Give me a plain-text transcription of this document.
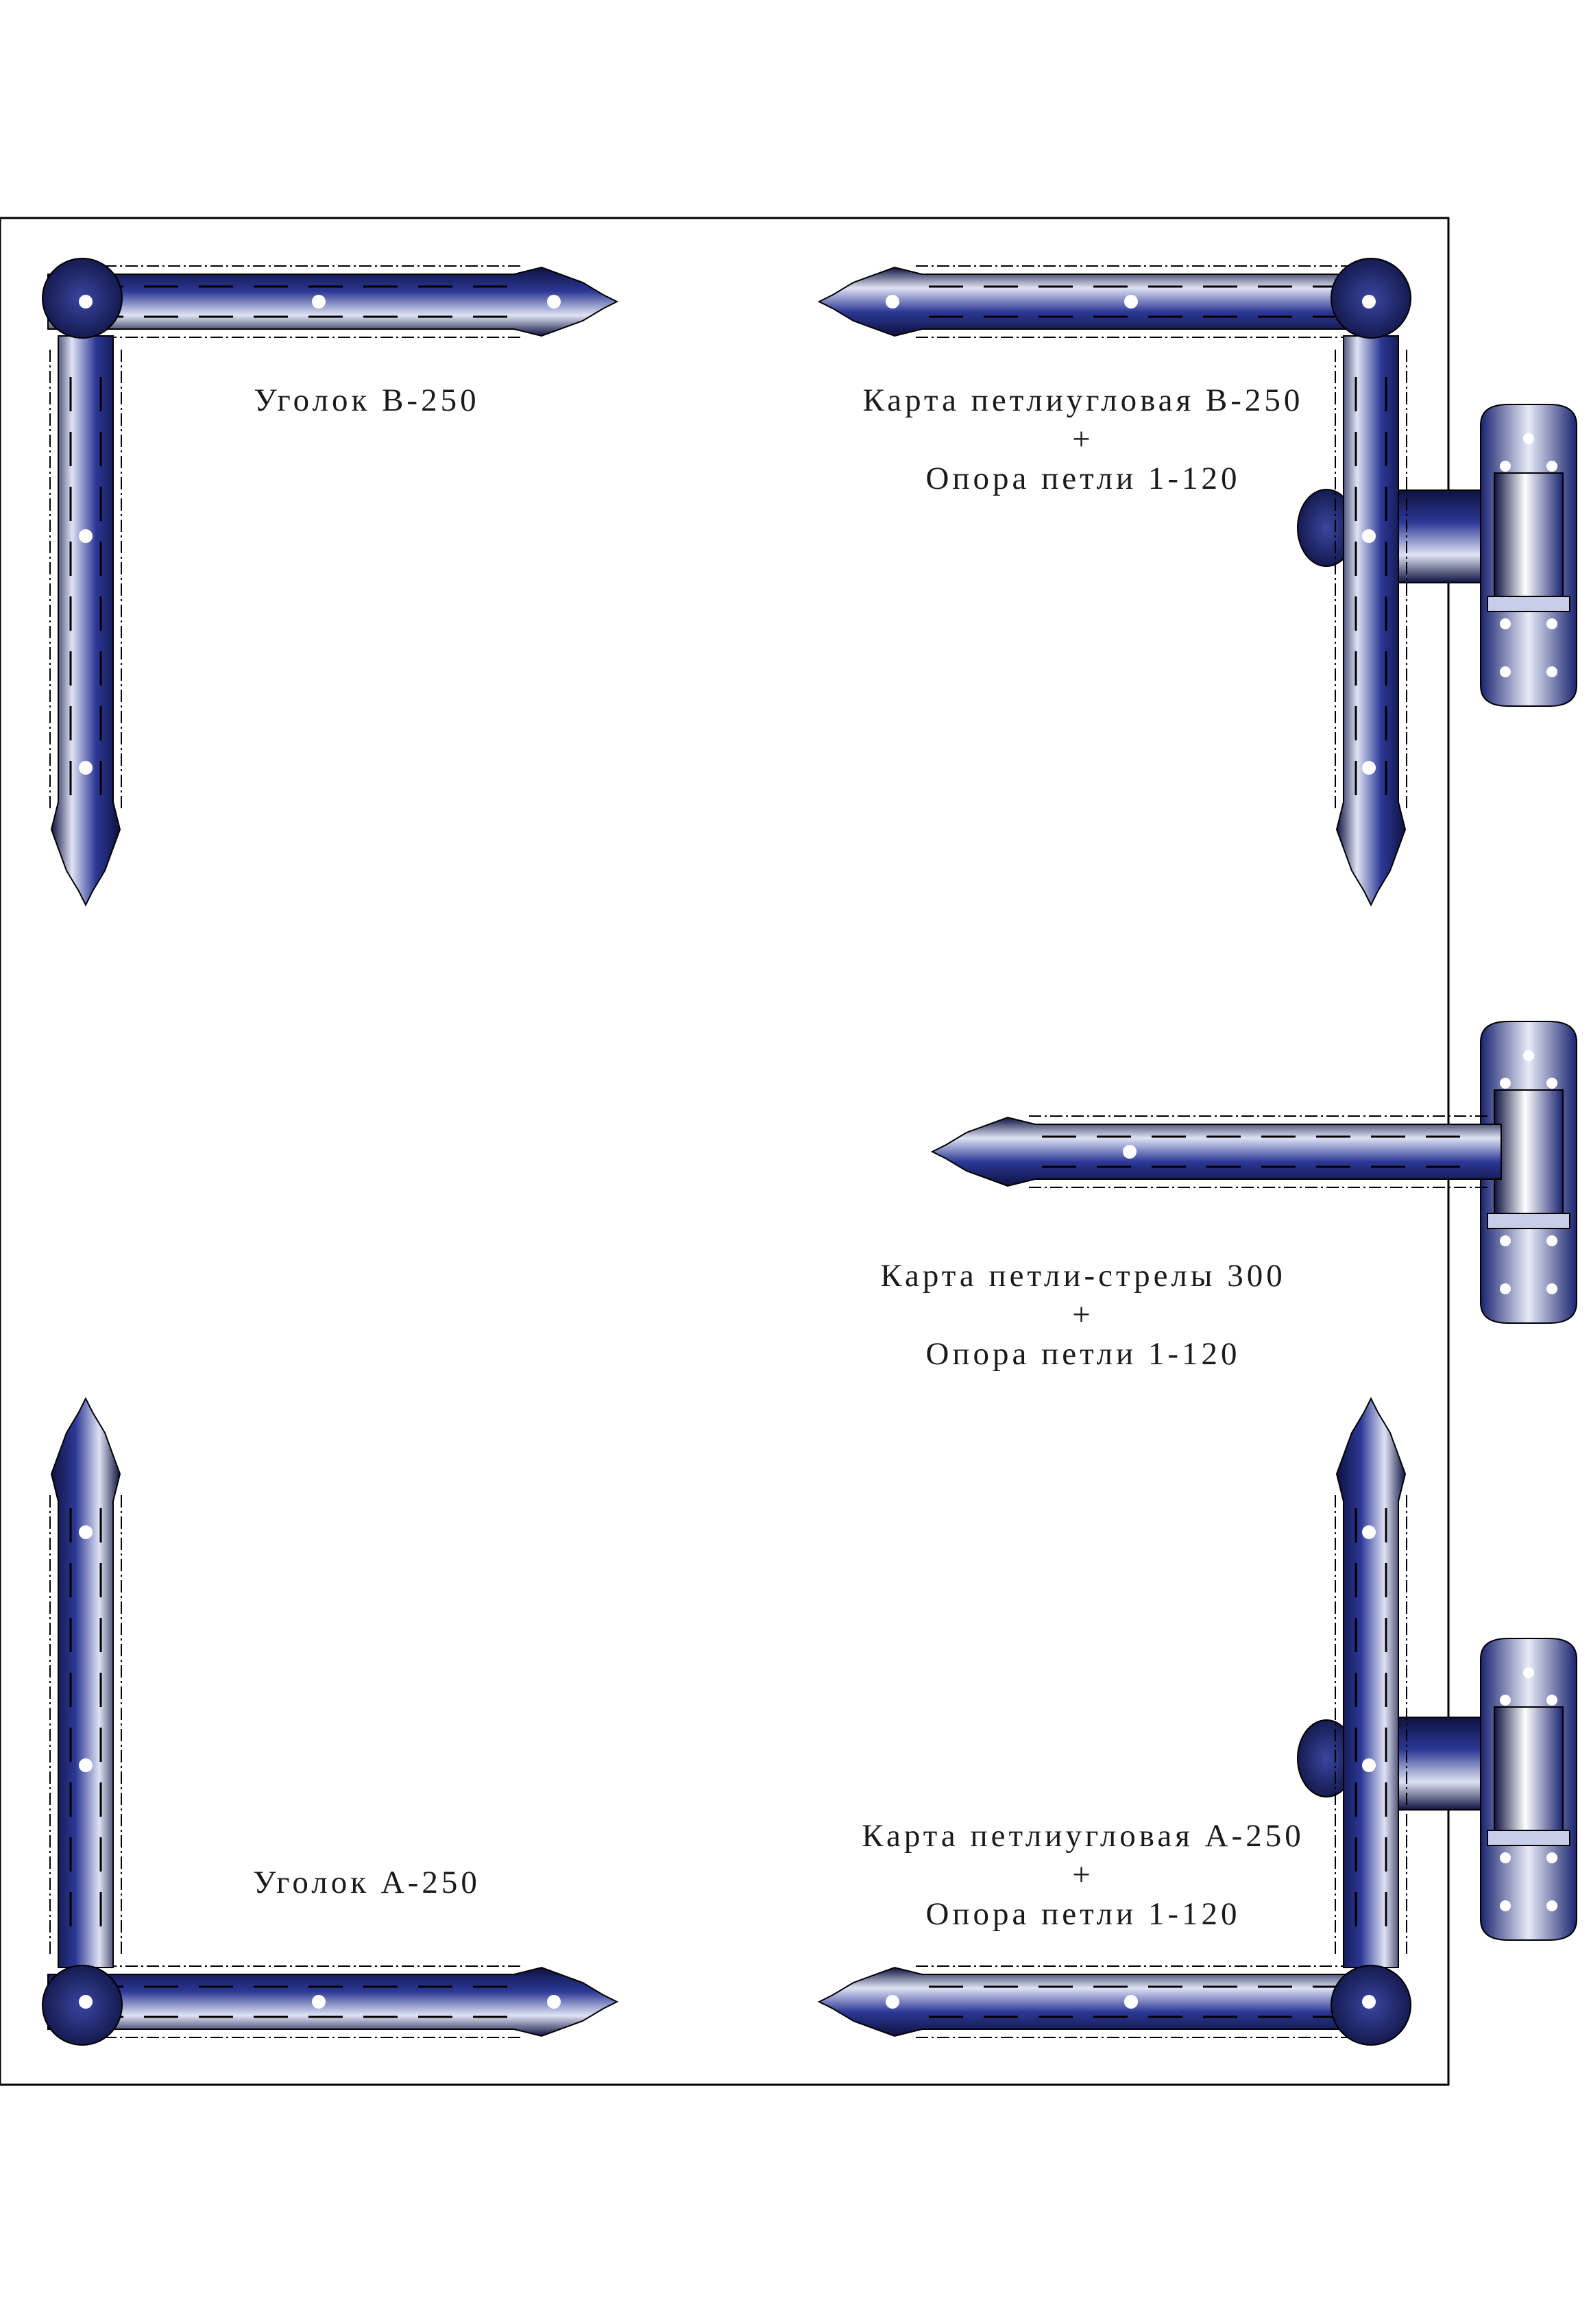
Уголок В-250	Карта петлиугловая В-250
+
Опора петли 1-120
Карта петли-стрелы 300
+
Опора петли 1-120
Уголок А-250
Карта петлиугловая А-250
+
Опора петли 1-120
